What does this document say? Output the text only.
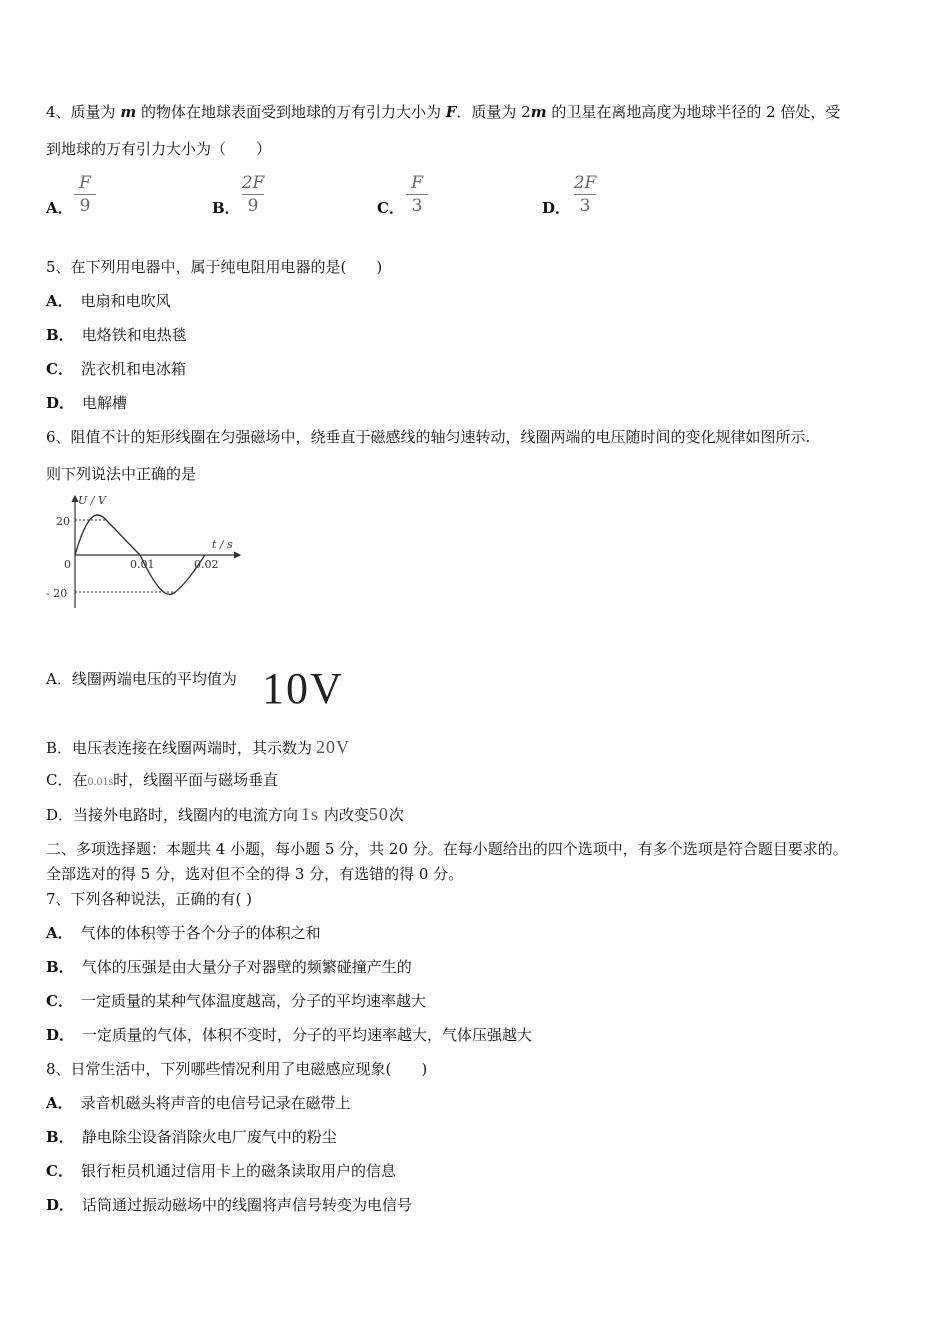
4、质量为 m 的物体在地球表面受到地球的万有引力大小为 F．质量为 2m 的卫星在离地高度为地球半径的 2 倍处，受
到地球的万有引力大小为（　　）
A．
F
9	B．
2F
9	C．
F
3	D．
2F
3
5、在下列用电器中，属于纯电阻用电器的是(　　)
A． 电扇和电吹风
B． 电烙铁和电热毯
C． 洗衣机和电冰箱
D． 电解槽
6、阻值不计的矩形线圈在匀强磁场中，绕垂直于磁感线的轴匀速转动，线圈两端的电压随时间的变化规律如图所示.
则下列说法中正确的是
U / V
t / s
0
20
- 20
0.01	0.02
A．线圈两端电压的平均值为 10V
B．电压表连接在线圈两端时，其示数为 20V
C．在0.01s时，线圈平面与磁场垂直
D．当接外电路时，线圈内的电流方向 1s 内改变50次
二、多项选择题：本题共 4 小题，每小题 5 分，共 20 分。在每小题给出的四个选项中，有多个选项是符合题目要求的。
全部选对的得 5 分，选对但不全的得 3 分，有选错的得 0 分。
7、下列各种说法，正确的有( )
A． 气体的体积等于各个分子的体积之和
B． 气体的压强是由大量分子对器壁的频繁碰撞产生的
C． 一定质量的某种气体温度越高，分子的平均速率越大
D． 一定质量的气体，体积不变时，分子的平均速率越大，气体压强越大
8、日常生活中，下列哪些情况利用了电磁感应现象(　　)
A． 录音机磁头将声音的电信号记录在磁带上
B． 静电除尘设备消除火电厂废气中的粉尘
C． 银行柜员机通过信用卡上的磁条读取用户的信息
D． 话筒通过振动磁场中的线圈将声信号转变为电信号
